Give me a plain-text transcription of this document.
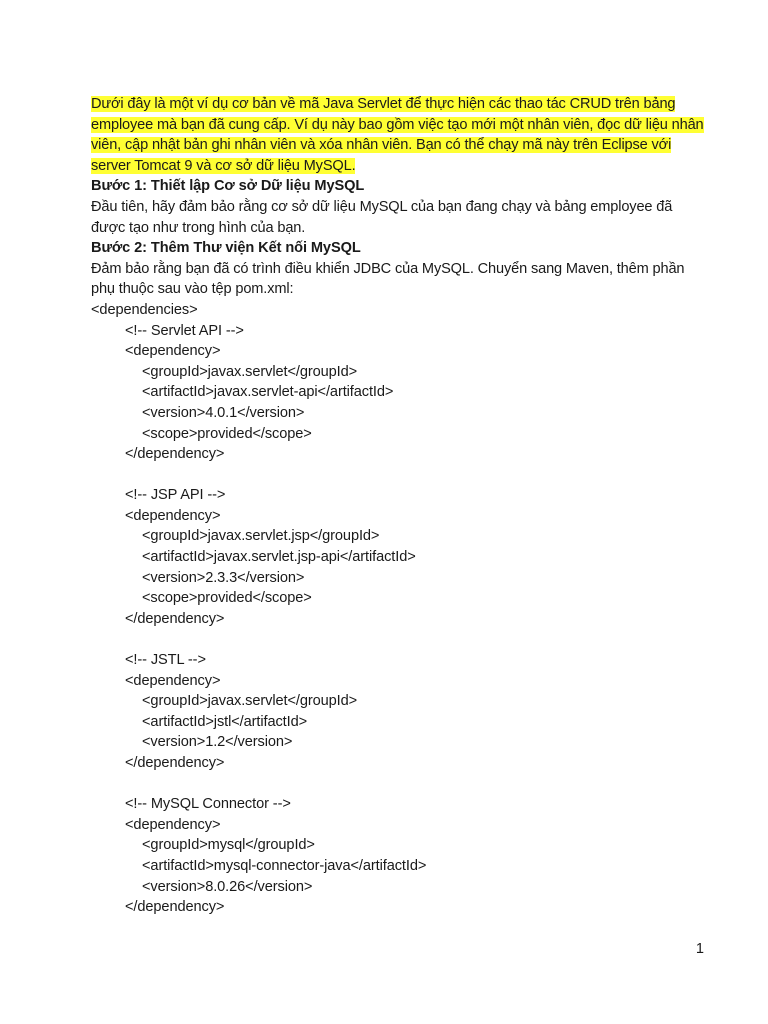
Dưới đây là một ví dụ cơ bản về mã Java Servlet để thực hiện các thao tác CRUD trên bảng employee mà bạn đã cung cấp. Ví dụ này bao gồm việc tạo mới một nhân viên, đọc dữ liệu nhân viên, cập nhật bản ghi nhân viên và xóa nhân viên. Bạn có thể chạy mã này trên Eclipse với server Tomcat 9 và cơ sở dữ liệu MySQL.

Bước 1: Thiết lập Cơ sở Dữ liệu MySQL

Đầu tiên, hãy đảm bảo rằng cơ sở dữ liệu MySQL của bạn đang chạy và bảng employee đã được tạo như trong hình của bạn.

Bước 2: Thêm Thư viện Kết nối MySQL

Đảm bảo rằng bạn đã có trình điều khiển JDBC của MySQL. Chuyển sang Maven, thêm phần phụ thuộc sau vào tệp pom.xml:

<dependencies>
<!-- Servlet API -->
<dependency>
<groupId>javax.servlet</groupId>
<artifactId>javax.servlet-api</artifactId>
<version>4.0.1</version>
<scope>provided</scope>
</dependency>
<!-- JSP API -->
<dependency>
<groupId>javax.servlet.jsp</groupId>
<artifactId>javax.servlet.jsp-api</artifactId>
<version>2.3.3</version>
<scope>provided</scope>
</dependency>
<!-- JSTL -->
<dependency>
<groupId>javax.servlet</groupId>
<artifactId>jstl</artifactId>
<version>1.2</version>
</dependency>
<!-- MySQL Connector -->
<dependency>
<groupId>mysql</groupId>
<artifactId>mysql-connector-java</artifactId>
<version>8.0.26</version>
</dependency>
1
